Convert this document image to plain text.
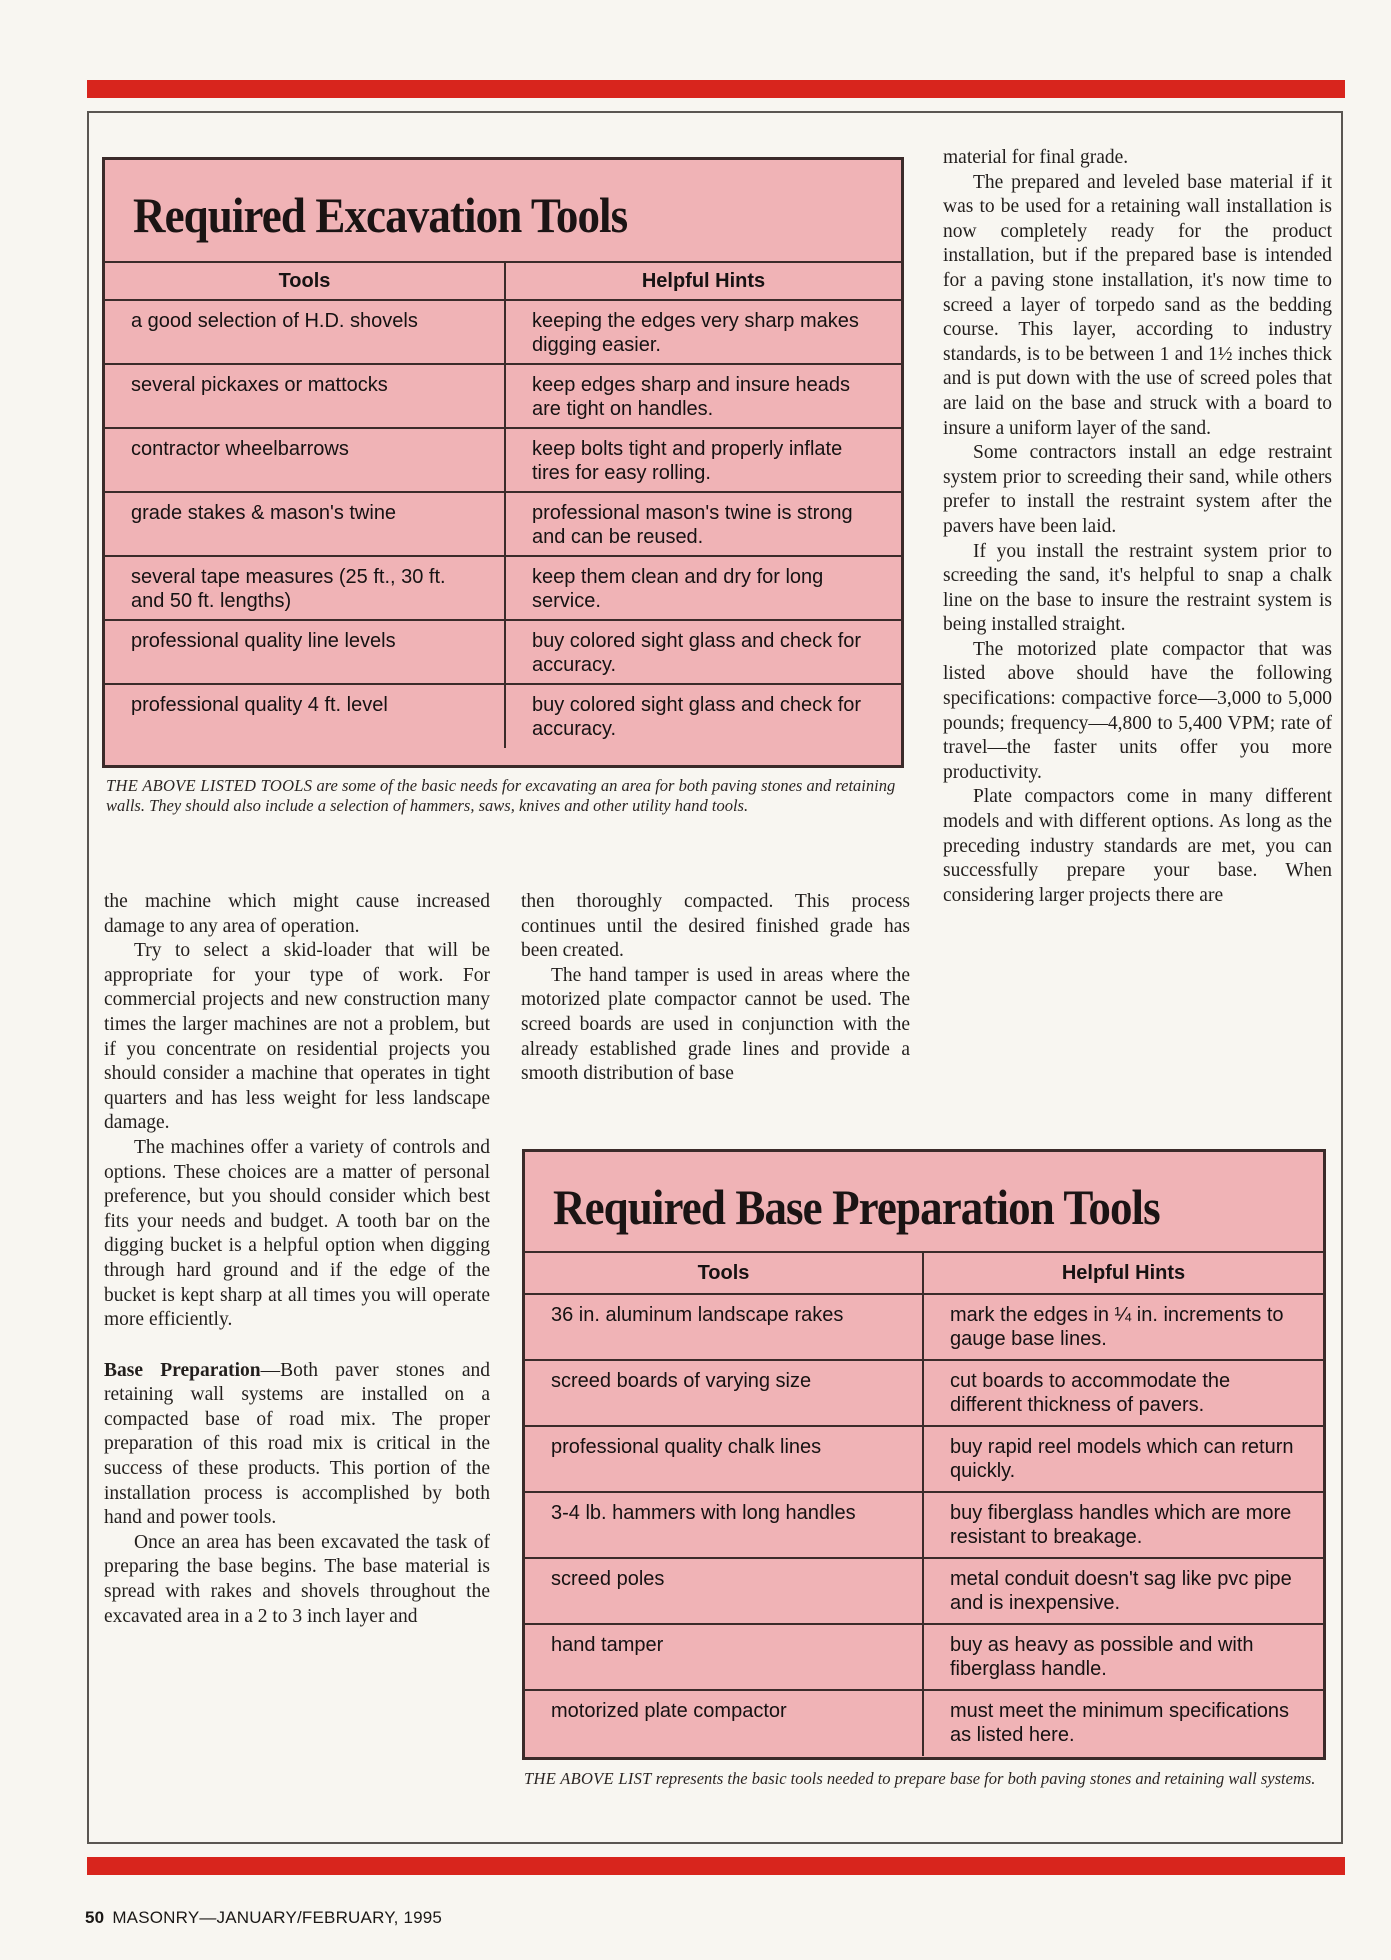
Required Excavation Tools
Tools	Helpful Hints
a good selection of H.D. shovels	keeping the edges very sharp makes digging easier.
several pickaxes or mattocks	keep edges sharp and insure heads are tight on handles.
contractor wheelbarrows	keep bolts tight and properly inflate tires for easy rolling.
grade stakes & mason's twine	professional mason's twine is strong and can be reused.
several tape measures (25 ft., 30 ft. and 50 ft. lengths)	keep them clean and dry for long service.
professional quality line levels	buy colored sight glass and check for accuracy.
professional quality 4 ft. level	buy colored sight glass and check for accuracy.
THE ABOVE LISTED TOOLS are some of the basic needs for excavating an area for both paving stones and retaining walls. They should also include a selection of hammers, saws, knives and other utility hand tools.

the machine which might cause increased damage to any area of operation.

Try to select a skid-loader that will be appropriate for your type of work. For commercial projects and new construction many times the larger machines are not a problem, but if you concentrate on residential projects you should consider a machine that operates in tight quarters and has less weight for less landscape damage.

The machines offer a variety of controls and options. These choices are a matter of personal preference, but you should consider which best fits your needs and budget. A tooth bar on the digging bucket is a helpful option when digging through hard ground and if the edge of the bucket is kept sharp at all times you will operate more efficiently.

Base Preparation—Both paver stones and retaining wall systems are installed on a compacted base of road mix. The proper preparation of this road mix is critical in the success of these products. This portion of the installation process is accomplished by both hand and power tools.

Once an area has been excavated the task of preparing the base begins. The base material is spread with rakes and shovels throughout the excavated area in a 2 to 3 inch layer and

then thoroughly compacted. This process continues until the desired finished grade has been created.

The hand tamper is used in areas where the motorized plate compactor cannot be used. The screed boards are used in conjunction with the already established grade lines and provide a smooth distribution of base

material for final grade.

The prepared and leveled base material if it was to be used for a retaining wall installation is now completely ready for the product installation, but if the prepared base is intended for a paving stone installation, it's now time to screed a layer of torpedo sand as the bedding course. This layer, according to industry standards, is to be between 1 and 1½ inches thick and is put down with the use of screed poles that are laid on the base and struck with a board to insure a uniform layer of the sand.

Some contractors install an edge restraint system prior to screeding their sand, while others prefer to install the restraint system after the pavers have been laid.

If you install the restraint system prior to screeding the sand, it's helpful to snap a chalk line on the base to insure the restraint system is being installed straight.

The motorized plate compactor that was listed above should have the following specifications: compactive force—3,000 to 5,000 pounds; frequency—4,800 to 5,400 VPM; rate of travel—the faster units offer you more productivity.

Plate compactors come in many different models and with different options. As long as the preceding industry standards are met, you can successfully prepare your base. When considering larger projects there are

Required Base Preparation Tools
Tools	Helpful Hints
36 in. aluminum landscape rakes	mark the edges in ¼ in. increments to gauge base lines.
screed boards of varying size	cut boards to accommodate the different thickness of pavers.
professional quality chalk lines	buy rapid reel models which can return quickly.
3-4 lb. hammers with long handles	buy fiberglass handles which are more resistant to breakage.
screed poles	metal conduit doesn't sag like pvc pipe and is inexpensive.
hand tamper	buy as heavy as possible and with fiberglass handle.
motorized plate compactor	must meet the minimum specifications as listed here.
THE ABOVE LIST represents the basic tools needed to prepare base for both paving stones and retaining wall systems.
50 MASONRY—JANUARY/FEBRUARY, 1995
